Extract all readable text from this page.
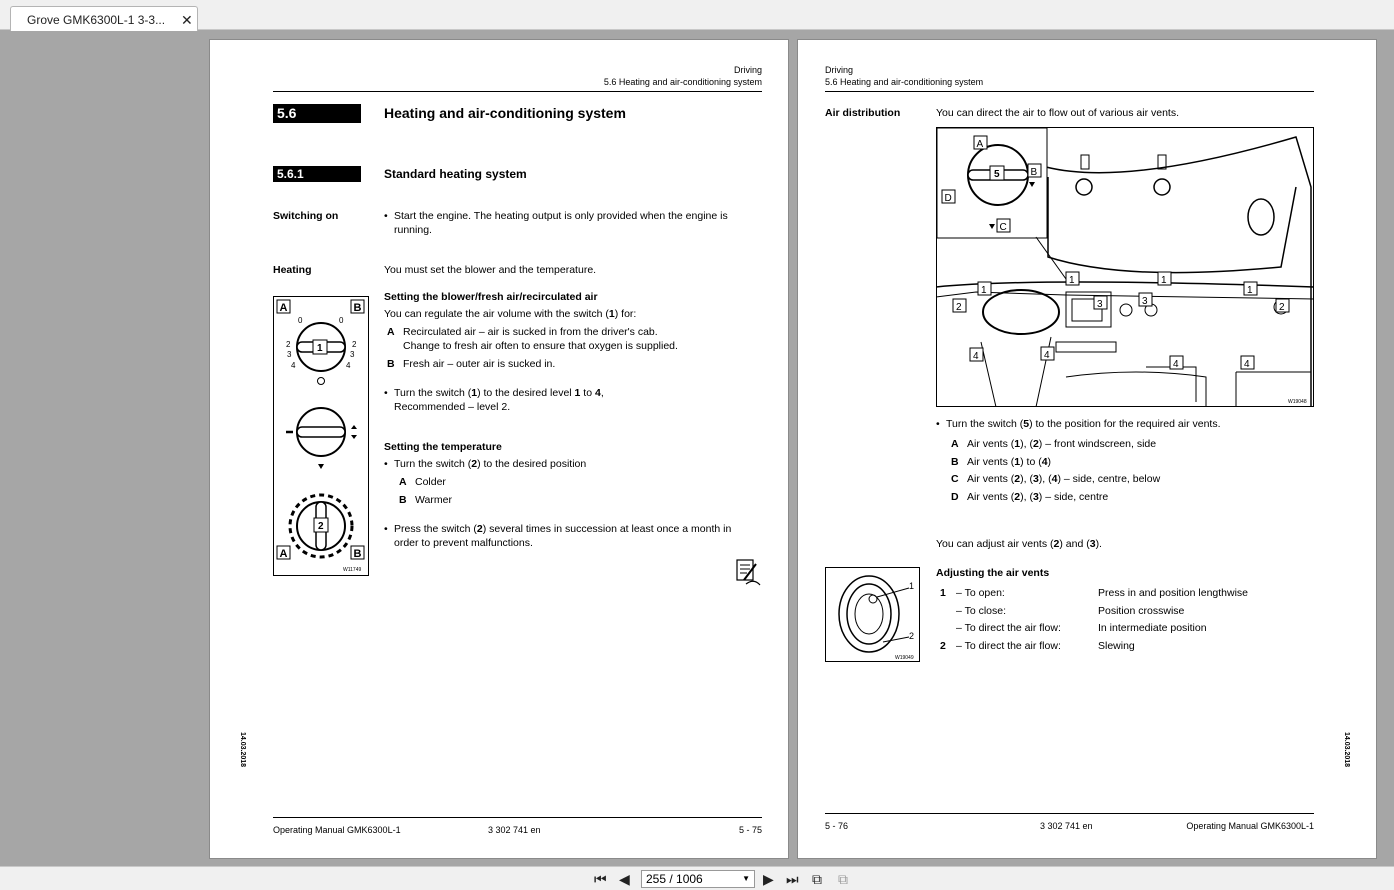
Grove GMK6300L-1 3-3... ✕
Driving
5.6 Heating and air-conditioning system
5.6	Heating and air-conditioning system
5.6.1	Standard heating system
Switching on	• Start the engine. The heating output is only provided when the engine is running.
Heating	You must set the blower and the temperature.
Setting the blower/fresh air/recirculated air
You can regulate the air volume with the switch (1) for:
A Recirculated air – air is sucked in from the driver's cab.
Change to fresh air often to ensure that oxygen is supplied.
B Fresh air – outer air is sucked in.
• Turn the switch (1) to the desired level 1 to 4,
Recommended – level 2.
Setting the temperature
• Turn the switch (2) to the desired position
A Colder
B Warmer
• Press the switch (2) several times in succession at least once a month in
order to prevent malfunctions.
A	B
0	0
2
3
4
2
3
4
1
2
A	B
W11749
Operating Manual GMK6300L-1	3 302 741 en	5 - 75
14.03.2018
Driving
5.6 Heating and air-conditioning system
Air distribution	You can direct the air to flow out of various air vents.
5
A
B
D
C
1	1
1	1
2	2
3	3
4	4
4	4
W19048
• Turn the switch (5) to the position for the required air vents.
A Air vents (1), (2) – front windscreen, side
B Air vents (1) to (4)
C Air vents (2), (3), (4) – side, centre, below
D Air vents (2), (3) – side, centre
You can adjust air vents (2) and (3).
1
2
W19049
Adjusting the air vents
1 – To open:	Press in and position lengthwise
– To close:	Position crosswise
– To direct the air flow:	In intermediate position
2 – To direct the air flow:	Slewing
5 - 76	3 302 741 en	Operating Manual GMK6300L-1
14.03.2018
⏮ ◀	255 / 1006	▼ ▶ ⏭ ⧉ ⧉
